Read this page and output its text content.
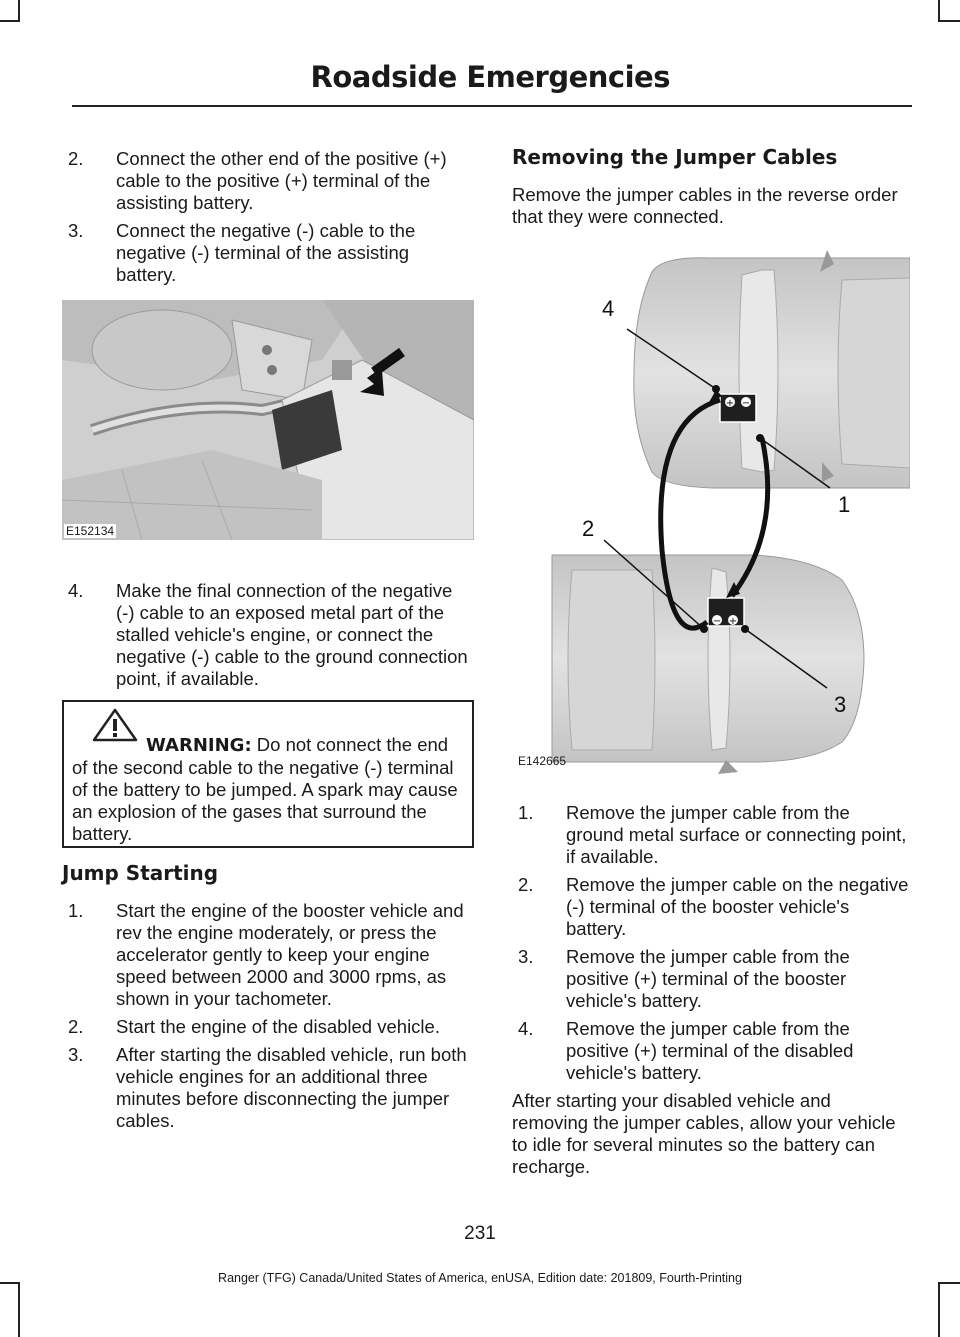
Roadside Emergencies
2. Connect the other end of the positive (+) cable to the positive (+) terminal of the assisting battery.
3. Connect the negative (-) cable to the negative (-) terminal of the assisting battery.
E152134
4. Make the final connection of the negative (-) cable to an exposed metal part of the stalled vehicle's engine, or connect the negative (-) cable to the ground connection point, if available.
WARNING: Do not connect the end of the second cable to the negative (-) terminal of the battery to be jumped. A spark may cause an explosion of the gases that surround the battery.
Jump Starting
1. Start the engine of the booster vehicle and rev the engine moderately, or press the accelerator gently to keep your engine speed between 2000 and 3000 rpms, as shown in your tachometer.
2. Start the engine of the disabled vehicle.
3. After starting the disabled vehicle, run both vehicle engines for an additional three minutes before disconnecting the jumper cables.
Removing the Jumper Cables

Remove the jumper cables in the reverse order that they were connected.

+ −
− +
4
1
2
3
E142665
1. Remove the jumper cable from the ground metal surface or connecting point, if available.
2. Remove the jumper cable on the negative (-) terminal of the booster vehicle's battery.
3. Remove the jumper cable from the positive (+) terminal of the booster vehicle's battery.
4. Remove the jumper cable from the positive (+) terminal of the disabled vehicle's battery.

After starting your disabled vehicle and removing the jumper cables, allow your vehicle to idle for several minutes so the battery can recharge.

231
Ranger (TFG) Canada/United States of America, enUSA, Edition date: 201809, Fourth-Printing
